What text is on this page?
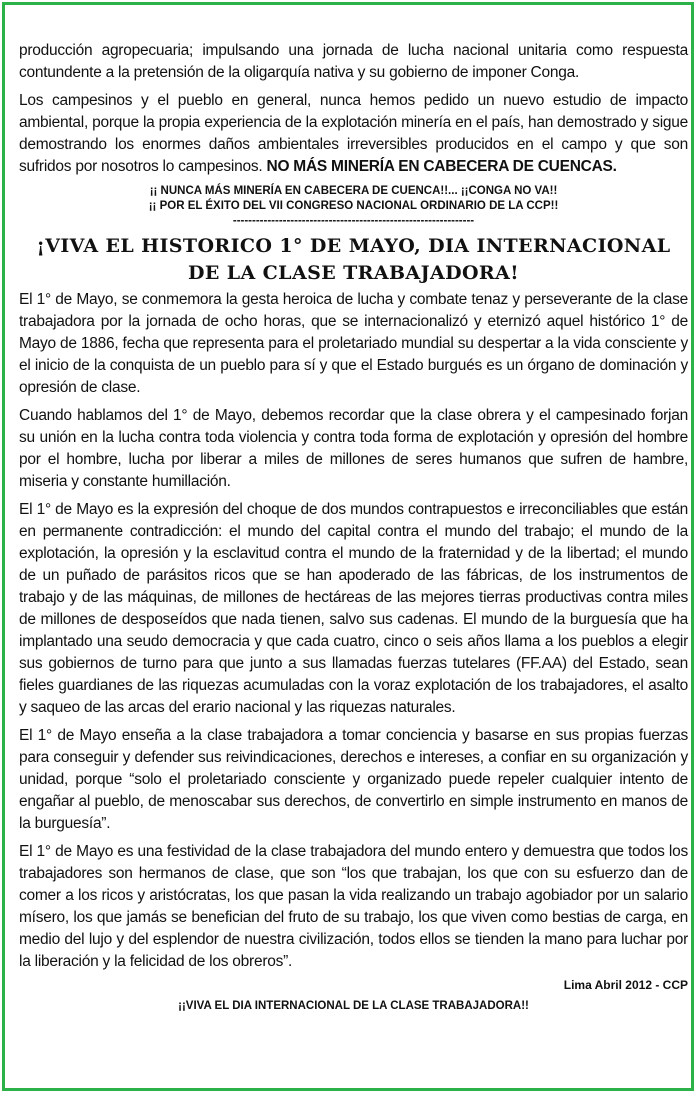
producción agropecuaria; impulsando una jornada de lucha nacional unitaria como respuesta contundente a la pretensión de la oligarquía nativa y su gobierno de imponer Conga.

Los campesinos y el pueblo en general, nunca hemos pedido un nuevo estudio de impacto ambiental, porque la propia experiencia de la explotación minería en el país, han demostrado y sigue demostrando los enormes daños ambientales irreversibles producidos en el campo y que son sufridos por nosotros lo campesinos. NO MÁS MINERÍA EN CABECERA DE CUENCAS.

¡¡ NUNCA MÁS MINERÍA EN CABECERA DE CUENCA!!... ¡¡CONGA NO VA!!
¡¡ POR EL ÉXITO DEL VII CONGRESO NACIONAL ORDINARIO DE LA CCP!!
---------------------------------------------------------------
¡VIVA EL HISTORICO 1° DE MAYO, DIA INTERNACIONAL DE LA CLASE TRABAJADORA!

El 1° de Mayo, se conmemora la gesta heroica de lucha y combate tenaz y perseverante de la clase trabajadora por la jornada de ocho horas, que se internacionalizó y eternizó aquel histórico 1° de Mayo de 1886, fecha que representa para el proletariado mundial su despertar a la vida consciente y el inicio de la conquista de un pueblo para sí y que el Estado burgués es un órgano de dominación y opresión de clase.

Cuando hablamos del 1° de Mayo, debemos recordar que la clase obrera y el campesinado forjan su unión en la lucha contra toda violencia y contra toda forma de explotación y opresión del hombre por el hombre, lucha por liberar a miles de millones de seres humanos que sufren de hambre, miseria y constante humillación.

El 1° de Mayo es la expresión del choque de dos mundos contrapuestos e irreconciliables que están en permanente contradicción: el mundo del capital contra el mundo del trabajo; el mundo de la explotación, la opresión y la esclavitud contra el mundo de la fraternidad y de la libertad; el mundo de un puñado de parásitos ricos que se han apoderado de las fábricas, de los instrumentos de trabajo y de las máquinas, de millones de hectáreas de las mejores tierras productivas contra miles de millones de desposeídos que nada tienen, salvo sus cadenas. El mundo de la burguesía que ha implantado una seudo democracia y que cada cuatro, cinco o seis años llama a los pueblos a elegir sus gobiernos de turno para que junto a sus llamadas fuerzas tutelares (FF.AA) del Estado, sean fieles guardianes de las riquezas acumuladas con la voraz explotación de los trabajadores, el asalto y saqueo de las arcas del erario nacional y las riquezas naturales.

El 1° de Mayo enseña a la clase trabajadora a tomar conciencia y basarse en sus propias fuerzas para conseguir y defender sus reivindicaciones, derechos e intereses, a confiar en su organización y unidad, porque “solo el proletariado consciente y organizado puede repeler cualquier intento de engañar al pueblo, de menoscabar sus derechos, de convertirlo en simple instrumento en manos de la burguesía”.

El 1° de Mayo es una festividad de la clase trabajadora del mundo entero y demuestra que todos los trabajadores son hermanos de clase, que son “los que trabajan, los que con su esfuerzo dan de comer a los ricos y aristócratas, los que pasan la vida realizando un trabajo agobiador por un salario mísero, los que jamás se benefician del fruto de su trabajo, los que viven como bestias de carga, en medio del lujo y del esplendor de nuestra civilización, todos ellos se tienden la mano para luchar por la liberación y la felicidad de los obreros”.

Lima Abril 2012 - CCP
¡¡VIVA EL DIA INTERNACIONAL DE LA CLASE TRABAJADORA!!
